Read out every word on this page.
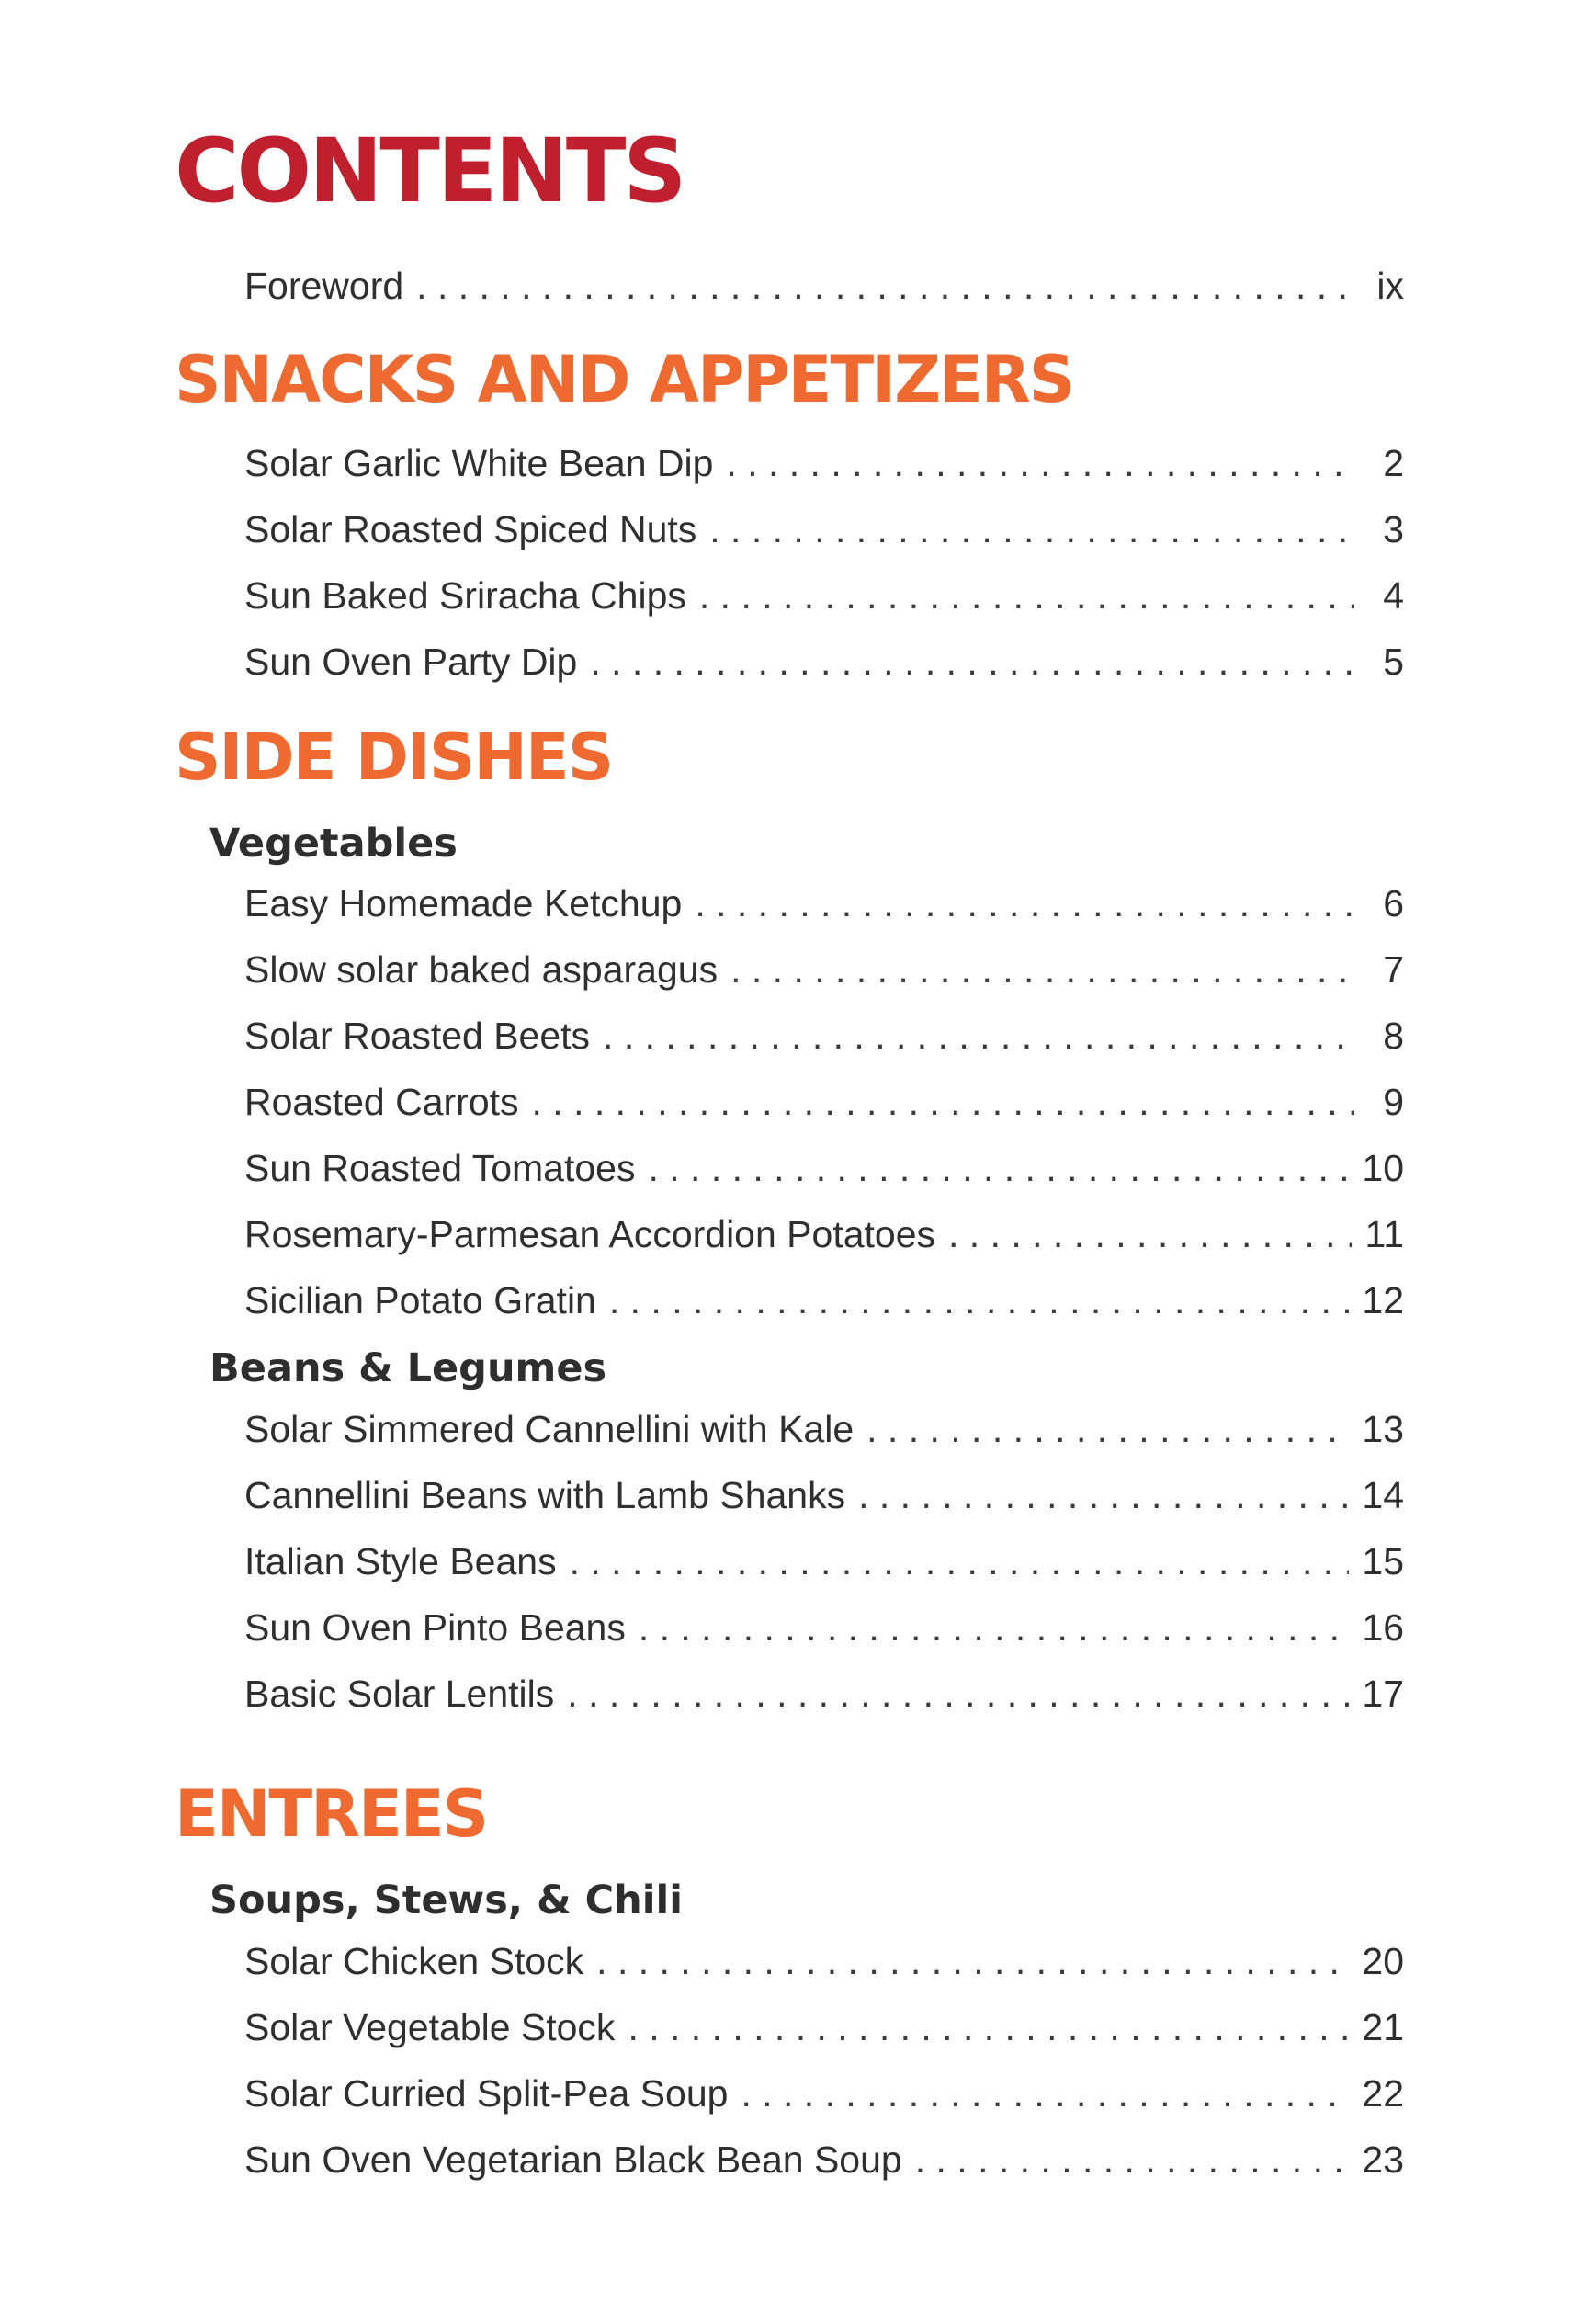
CONTENTS
Foreword . . .	ix
SNACKS AND APPETIZERS
Solar Garlic White Bean Dip . . .	2
Solar Roasted Spiced Nuts . . .	3
Sun Baked Sriracha Chips . . .	4
Sun Oven Party Dip . . .	5
SIDE DISHES
Vegetables
Easy Homemade Ketchup . . .	6
Slow solar baked asparagus . . .	7
Solar Roasted Beets . . .	8
Roasted Carrots . . .	9
Sun Roasted Tomatoes . . .	10
Rosemary-Parmesan Accordion Potatoes . . .	11
Sicilian Potato Gratin . . .	12
Beans & Legumes
Solar Simmered Cannellini with Kale . . .	13
Cannellini Beans with Lamb Shanks . . .	14
Italian Style Beans . . .	15
Sun Oven Pinto Beans . . .	16
Basic Solar Lentils . . .	17
ENTREES
Soups, Stews, & Chili
Solar Chicken Stock . . .	20
Solar Vegetable Stock . . .	21
Solar Curried Split-Pea Soup . . .	22
Sun Oven Vegetarian Black Bean Soup . . .	23
